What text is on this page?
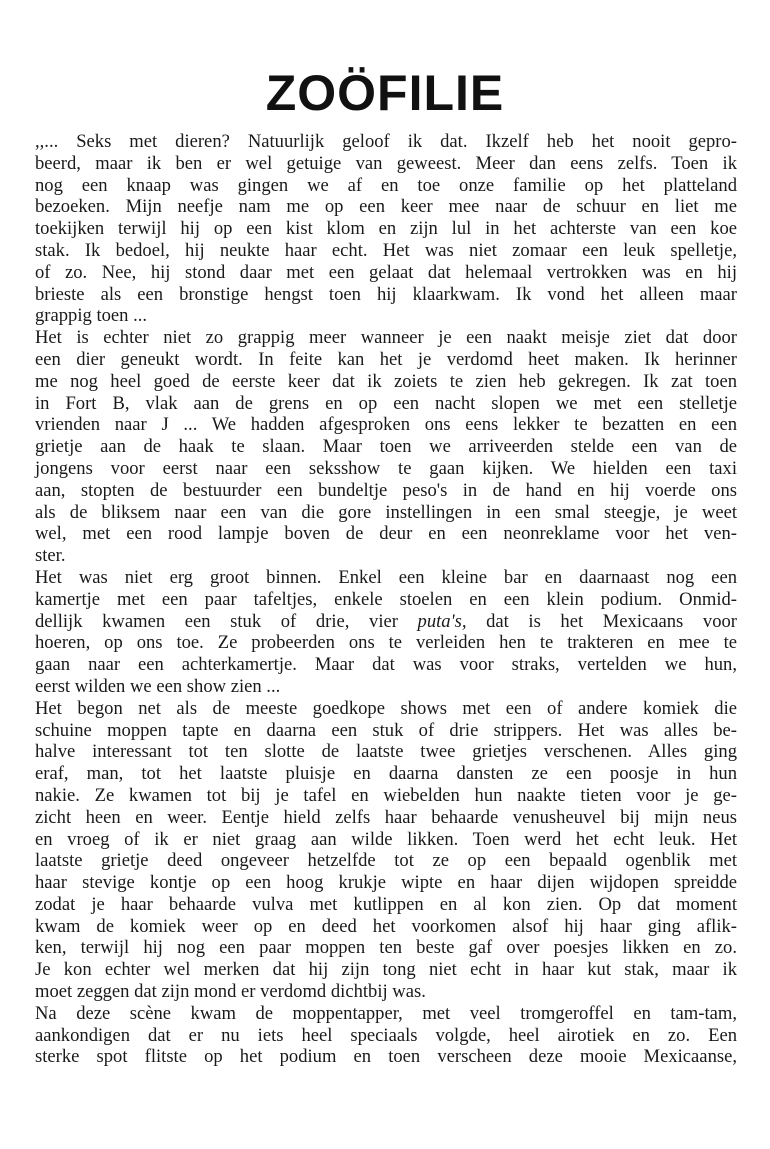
ZOÖFILIE
,,... Seks met dieren? Natuurlijk geloof ik dat. Ikzelf heb het nooit gepro-
beerd, maar ik ben er wel getuige van geweest. Meer dan eens zelfs. Toen ik
nog een knaap was gingen we af en toe onze familie op het platteland
bezoeken. Mijn neefje nam me op een keer mee naar de schuur en liet me
toekijken terwijl hij op een kist klom en zijn lul in het achterste van een koe
stak. Ik bedoel, hij neukte haar echt. Het was niet zomaar een leuk spelletje,
of zo. Nee, hij stond daar met een gelaat dat helemaal vertrokken was en hij
brieste als een bronstige hengst toen hij klaarkwam. Ik vond het alleen maar
grappig toen ...
Het is echter niet zo grappig meer wanneer je een naakt meisje ziet dat door
een dier geneukt wordt. In feite kan het je verdomd heet maken. Ik herinner
me nog heel goed de eerste keer dat ik zoiets te zien heb gekregen. Ik zat toen
in Fort B, vlak aan de grens en op een nacht slopen we met een stelletje
vrienden naar J ... We hadden afgesproken ons eens lekker te bezatten en een
grietje aan de haak te slaan. Maar toen we arriveerden stelde een van de
jongens voor eerst naar een seksshow te gaan kijken. We hielden een taxi
aan, stopten de bestuurder een bundeltje peso's in de hand en hij voerde ons
als de bliksem naar een van die gore instellingen in een smal steegje, je weet
wel, met een rood lampje boven de deur en een neonreklame voor het ven-
ster.
Het was niet erg groot binnen. Enkel een kleine bar en daarnaast nog een
kamertje met een paar tafeltjes, enkele stoelen en een klein podium. Onmid-
dellijk kwamen een stuk of drie, vier puta's, dat is het Mexicaans voor
hoeren, op ons toe. Ze probeerden ons te verleiden hen te trakteren en mee te
gaan naar een achterkamertje. Maar dat was voor straks, vertelden we hun,
eerst wilden we een show zien ...
Het begon net als de meeste goedkope shows met een of andere komiek die
schuine moppen tapte en daarna een stuk of drie strippers. Het was alles be-
halve interessant tot ten slotte de laatste twee grietjes verschenen. Alles ging
eraf, man, tot het laatste pluisje en daarna dansten ze een poosje in hun
nakie. Ze kwamen tot bij je tafel en wiebelden hun naakte tieten voor je ge-
zicht heen en weer. Eentje hield zelfs haar behaarde venusheuvel bij mijn neus
en vroeg of ik er niet graag aan wilde likken. Toen werd het echt leuk. Het
laatste grietje deed ongeveer hetzelfde tot ze op een bepaald ogenblik met
haar stevige kontje op een hoog krukje wipte en haar dijen wijdopen spreidde
zodat je haar behaarde vulva met kutlippen en al kon zien. Op dat moment
kwam de komiek weer op en deed het voorkomen alsof hij haar ging aflik-
ken, terwijl hij nog een paar moppen ten beste gaf over poesjes likken en zo.
Je kon echter wel merken dat hij zijn tong niet echt in haar kut stak, maar ik
moet zeggen dat zijn mond er verdomd dichtbij was.
Na deze scène kwam de moppentapper, met veel tromgeroffel en tam-tam,
aankondigen dat er nu iets heel speciaals volgde, heel airotiek en zo. Een
sterke spot flitste op het podium en toen verscheen deze mooie Mexicaanse,
